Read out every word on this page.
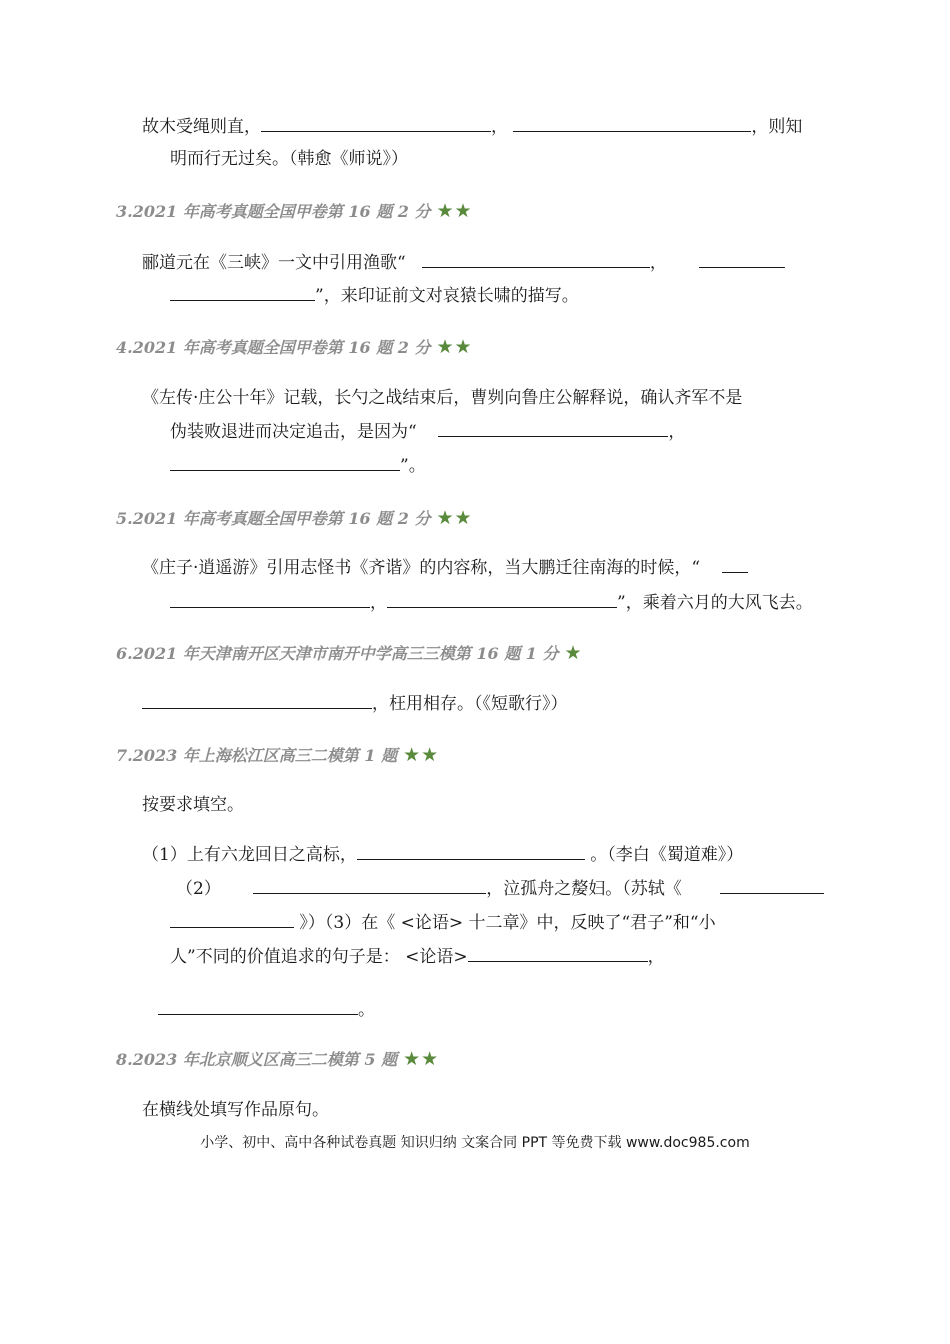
故木受绳则直，	，	，则知
明而行无过矣。（韩愈《师说》）
3.2021 年高考真题全国甲卷第 16 题 2 分 ★★
郦道元在《三峡》一文中引用渔歌“	，
”，来印证前文对哀猿长啸的描写。
4.2021 年高考真题全国甲卷第 16 题 2 分 ★★
《左传·庄公十年》记载，长勺之战结束后，曹刿向鲁庄公解释说，确认齐军不是
伪装败退进而决定追击，是因为“	，
”。
5.2021 年高考真题全国甲卷第 16 题 2 分 ★★
《庄子·逍遥游》引用志怪书《齐谐》的内容称，当大鹏迁往南海的时候，“
，	”，乘着六月的大风飞去。
6.2021 年天津南开区天津市南开中学高三三模第 16 题 1 分 ★
，枉用相存。（《短歌行》）
7.2023 年上海松江区高三二模第 1 题 ★★
按要求填空。
（1）上有六龙回日之高标，	。（李白《蜀道难》）
（2）	，泣孤舟之嫠妇。（苏轼《
》）（3）在《 <论语> 十二章》中，反映了“君子”和“小
人”不同的价值追求的句子是： <论语>	，
。
8.2023 年北京顺义区高三二模第 5 题 ★★
在横线处填写作品原句。
小学、初中、高中各种试卷真题 知识归纳 文案合同 PPT 等免费下载 www.doc985.com
